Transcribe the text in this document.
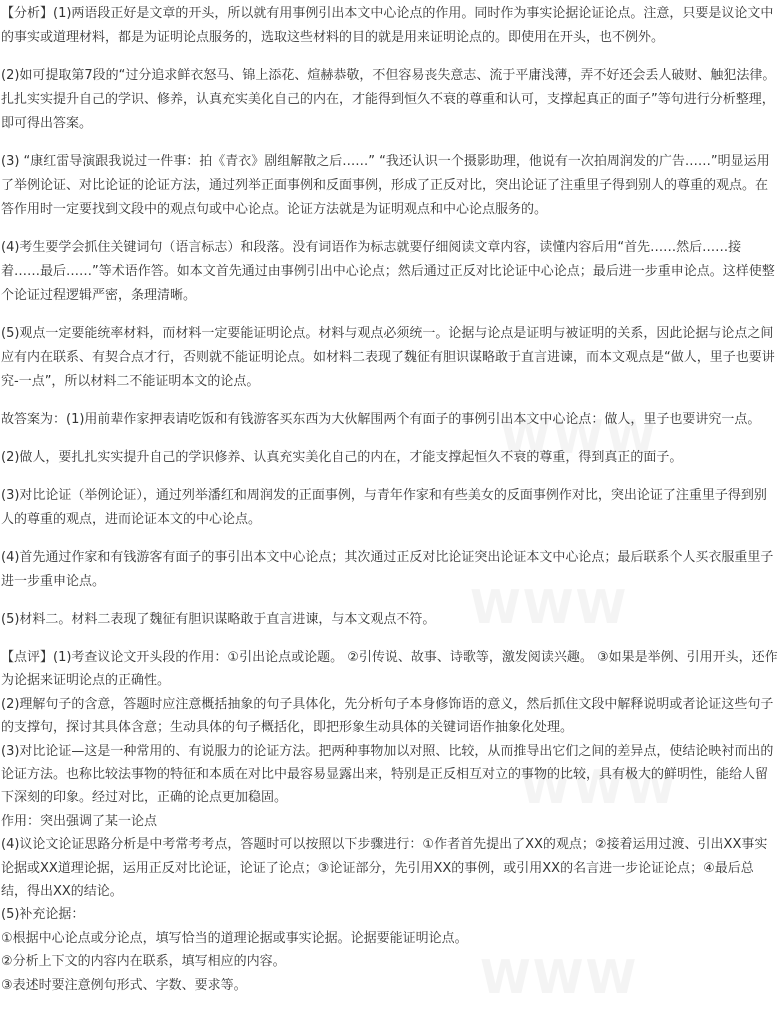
【分析】(1)两语段正好是文章的开头，所以就有用事例引出本文中心论点的作用。同时作为事实论据论证论点。注意，只要是议论文中的事实或道理材料，都是为证明论点服务的，选取这些材料的目的就是用来证明论点的。即使用在开头，也不例外。

(2)如可提取第7段的“过分追求鲜衣怒马、锦上添花、煊赫恭敬，不但容易丧失意志、流于平庸浅薄，弄不好还会丢人破财、触犯法律。扎扎实实提升自己的学识、修养，认真充实美化自己的内在，才能得到恒久不衰的尊重和认可，支撑起真正的面子”等句进行分析整理，即可得出答案。

(3) “康红雷导演跟我说过一件事：拍《青衣》剧组解散之后……” “我还认识一个摄影助理，他说有一次拍周润发的广告……”明显运用了举例论证、对比论证的论证方法，通过列举正面事例和反面事例，形成了正反对比，突出论证了注重里子得到别人的尊重的观点。在答作用时一定要找到文段中的观点句或中心论点。论证方法就是为证明观点和中心论点服务的。

(4)考生要学会抓住关键词句（语言标志）和段落。没有词语作为标志就要仔细阅读文章内容，读懂内容后用“首先……然后……接着……最后……”等术语作答。如本文首先通过由事例引出中心论点；然后通过正反对比论证中心论点；最后进一步重申论点。这样使整个论证过程逻辑严密，条理清晰。

(5)观点一定要能统率材料，而材料一定要能证明论点。材料与观点必须统一。论据与论点是证明与被证明的关系，因此论据与论点之间应有内在联系、有契合点才行，否则就不能证明论点。如材料二表现了魏征有胆识谋略敢于直言进谏，而本文观点是“做人，里子也要讲究-一点”，所以材料二不能证明本文的论点。

故答案为：(1)用前辈作家押表请吃饭和有钱游客买东西为大伙解围两个有面子的事例引出本文中心论点：做人，里子也要讲究一点。

(2)做人，要扎扎实实提升自己的学识修养、认真充实美化自己的内在，才能支撑起恒久不衰的尊重，得到真正的面子。

(3)对比论证（举例论证），通过列举潘红和周润发的正面事例，与青年作家和有些美女的反面事例作对比，突出论证了注重里子得到别人的尊重的观点，进而论证本文的中心论点。

(4)首先通过作家和有钱游客有面子的事引出本文中心论点；其次通过正反对比论证突出论证本文中心论点；最后联系个人买衣服重里子进一步重申论点。

(5)材料二。材料二表现了魏征有胆识谋略敢于直言进谏，与本文观点不符。

【点评】(1)考查议论文开头段的作用：①引出论点或论题。 ②引传说、故事、诗歌等，激发阅读兴趣。 ③如果是举例、引用开头，还作为论据来证明论点的正确性。

(2)理解句子的含意，答题时应注意概括抽象的句子具体化，先分析句子本身修饰语的意义，然后抓住文段中解释说明或者论证这些句子的支撑句，探讨其具体含意；生动具体的句子概括化，即把形象生动具体的关键词语作抽象化处理。

(3)对比论证—这是一种常用的、有说服力的论证方法。把两种事物加以对照、比较，从而推导出它们之间的差异点，使结论映衬而出的论证方法。也称比较法事物的特征和本质在对比中最容易显露出来，特别是正反相互对立的事物的比较，具有极大的鲜明性，能给人留下深刻的印象。经过对比，正确的论点更加稳固。

作用：突出强调了某一论点

(4)议论文论证思路分析是中考常考考点，答题时可以按照以下步骤进行：①作者首先提出了XX的观点；②接着运用过渡、引出XX事实论据或XX道理论据，运用正反对比论证，论证了论点；③论证部分，先引用XX的事例，或引用XX的名言进一步论证论点；④最后总结，得出XX的结论。

(5)补充论据：

①根据中心论点或分论点，填写恰当的道理论据或事实论据。论据要能证明论点。

②分析上下文的内容内在联系，填写相应的内容。

③表述时要注意例句形式、字数、要求等。
